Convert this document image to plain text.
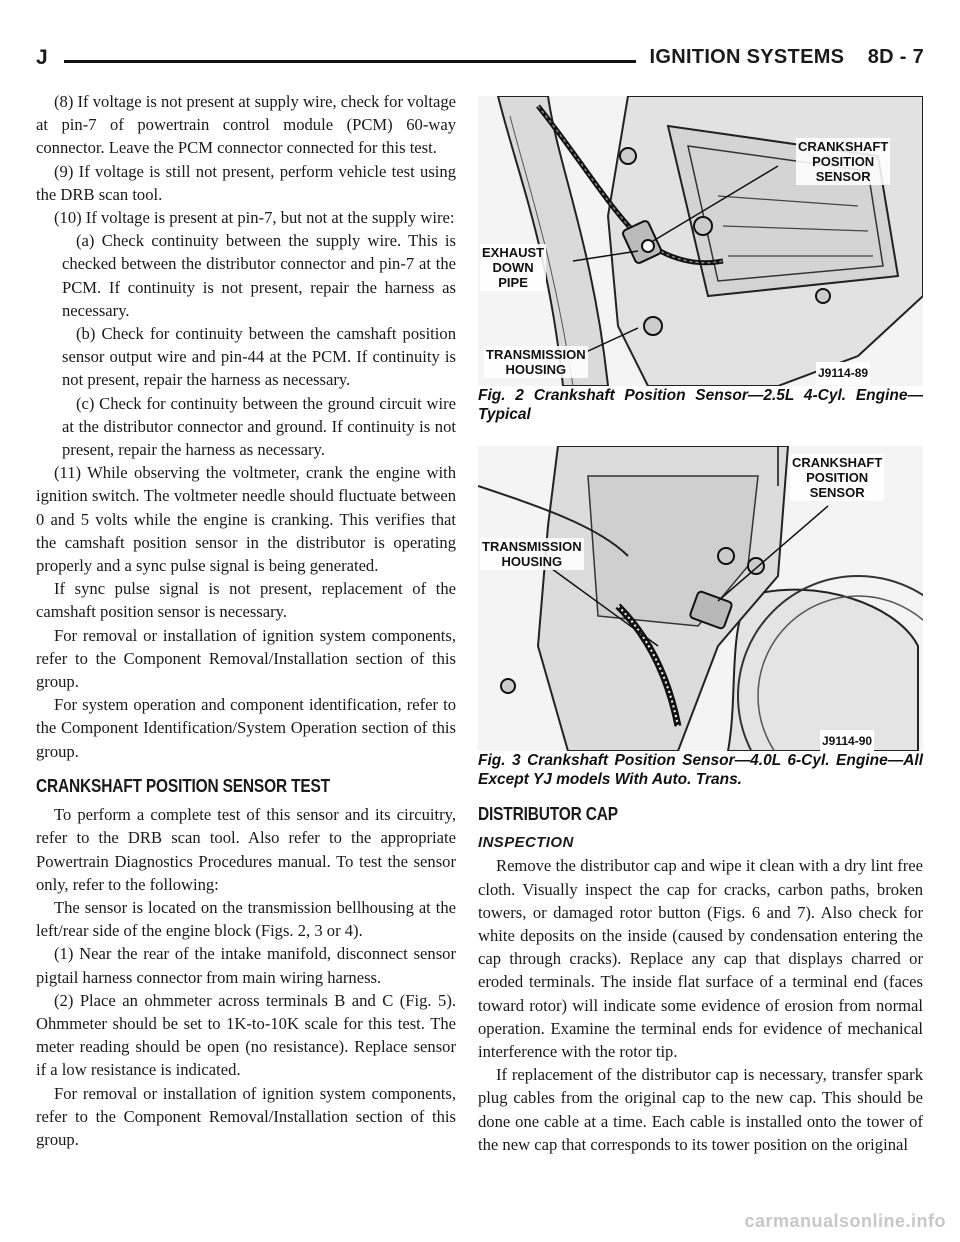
J	IGNITION SYSTEMS    8D - 7

(8) If voltage is not present at supply wire, check for voltage at pin-7 of powertrain control module (PCM) 60-way connector. Leave the PCM connector connected for this test.

(9) If voltage is still not present, perform vehicle test using the DRB scan tool.

(10) If voltage is present at pin-7, but not at the supply wire:

(a) Check continuity between the supply wire. This is checked between the distributor connector and pin-7 at the PCM. If continuity is not present, repair the harness as necessary.

(b) Check for continuity between the camshaft position sensor output wire and pin-44 at the PCM. If continuity is not present, repair the harness as necessary.

(c) Check for continuity between the ground circuit wire at the distributor connector and ground. If continuity is not present, repair the harness as necessary.

(11) While observing the voltmeter, crank the engine with ignition switch. The voltmeter needle should fluctuate between 0 and 5 volts while the engine is cranking. This verifies that the camshaft position sensor in the distributor is operating properly and a sync pulse signal is being generated.

If sync pulse signal is not present, replacement of the camshaft position sensor is necessary.

For removal or installation of ignition system components, refer to the Component Removal/Installation section of this group.

For system operation and component identification, refer to the Component Identification/System Operation section of this group.

CRANKSHAFT POSITION SENSOR TEST

To perform a complete test of this sensor and its circuitry, refer to the DRB scan tool. Also refer to the appropriate Powertrain Diagnostics Procedures manual. To test the sensor only, refer to the following:

The sensor is located on the transmission bellhousing at the left/rear side of the engine block (Figs. 2, 3 or 4).

(1) Near the rear of the intake manifold, disconnect sensor pigtail harness connector from main wiring harness.

(2) Place an ohmmeter across terminals B and C (Fig. 5). Ohmmeter should be set to 1K-to-10K scale for this test. The meter reading should be open (no resistance). Replace sensor if a low resistance is indicated.

For removal or installation of ignition system components, refer to the Component Removal/Installation section of this group.

CRANKSHAFT
POSITION
SENSOR
EXHAUST
DOWN
PIPE
TRANSMISSION
HOUSING	J9114-89

Fig. 2 Crankshaft Position Sensor—2.5L 4-Cyl. Engine—Typical

CRANKSHAFT
POSITION
SENSOR
TRANSMISSION
HOUSING
J9114-90

Fig. 3 Crankshaft Position Sensor—4.0L 6-Cyl. Engine—All Except YJ models With Auto. Trans.

DISTRIBUTOR CAP
INSPECTION

Remove the distributor cap and wipe it clean with a dry lint free cloth. Visually inspect the cap for cracks, carbon paths, broken towers, or damaged rotor button (Figs. 6 and 7). Also check for white deposits on the inside (caused by condensation entering the cap through cracks). Replace any cap that displays charred or eroded terminals. The inside flat surface of a terminal end (faces toward rotor) will indicate some evidence of erosion from normal operation. Examine the terminal ends for evidence of mechanical interference with the rotor tip.

If replacement of the distributor cap is necessary, transfer spark plug cables from the original cap to the new cap. This should be done one cable at a time. Each cable is installed onto the tower of the new cap that corresponds to its tower position on the original

carmanualsonline.info
